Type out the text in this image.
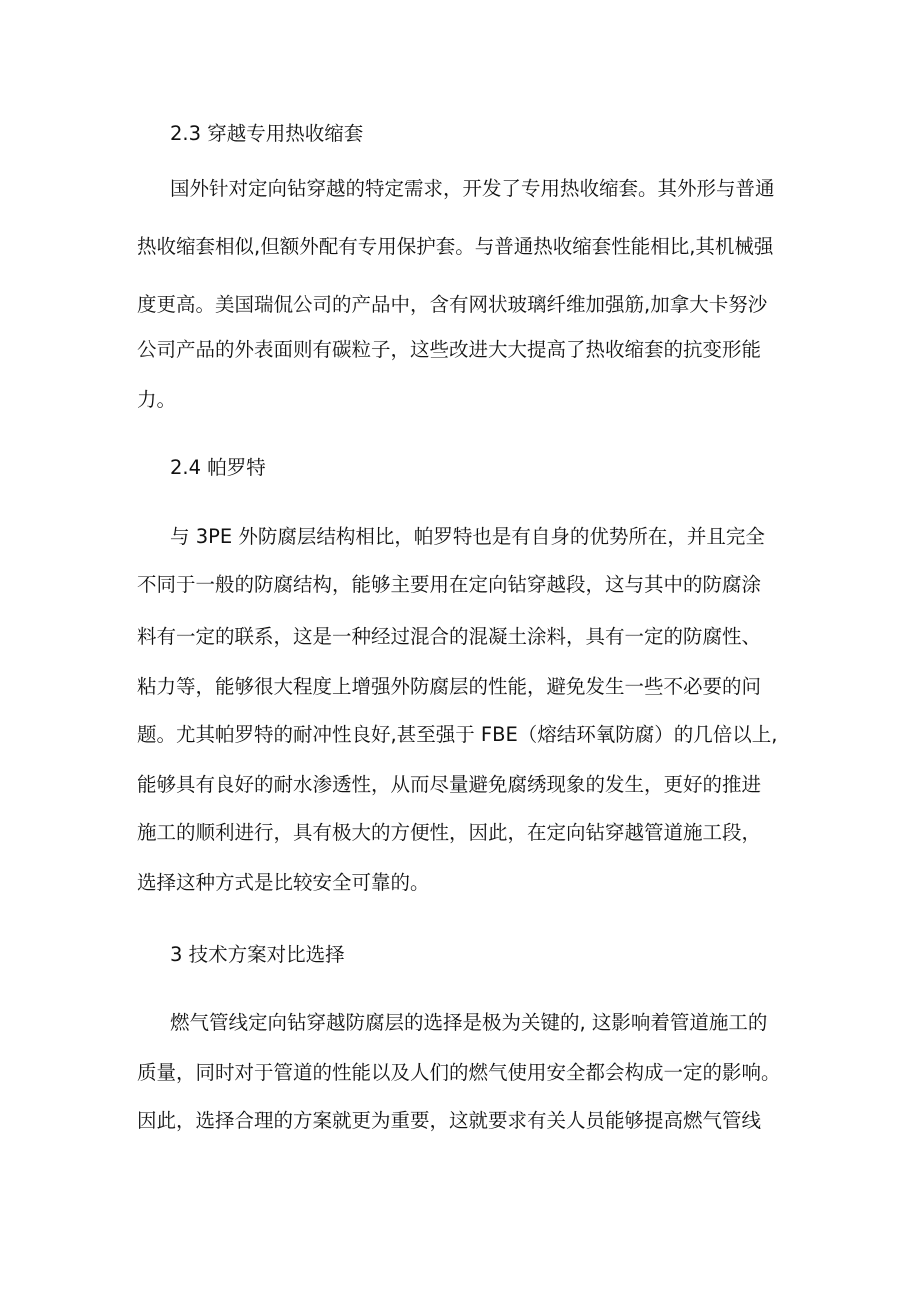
2.3 穿越专用热收缩套

国外针对定向钻穿越的特定需求，开发了专用热收缩套。其外形与普通

热收缩套相似,但额外配有专用保护套。与普通热收缩套性能相比,其机械强

度更高。美国瑞侃公司的产品中，含有网状玻璃纤维加强筋,加拿大卡努沙

公司产品的外表面则有碳粒子，这些改进大大提高了热收缩套的抗变形能

力。

2.4 帕罗特

与 3PE 外防腐层结构相比，帕罗特也是有自身的优势所在，并且完全

不同于一般的防腐结构，能够主要用在定向钻穿越段，这与其中的防腐涂

料有一定的联系，这是一种经过混合的混凝土涂料，具有一定的防腐性、

粘力等，能够很大程度上增强外防腐层的性能，避免发生一些不必要的问

题。尤其帕罗特的耐冲性良好,甚至强于 FBE（熔结环氧防腐）的几倍以上,

能够具有良好的耐水渗透性，从而尽量避免腐绣现象的发生，更好的推进

施工的顺利进行，具有极大的方便性，因此，在定向钻穿越管道施工段，

选择这种方式是比较安全可靠的。

3 技术方案对比选择

燃气管线定向钻穿越防腐层的选择是极为关键的, 这影响着管道施工的

质量，同时对于管道的性能以及人们的燃气使用安全都会构成一定的影响。

因此，选择合理的方案就更为重要，这就要求有关人员能够提高燃气管线
